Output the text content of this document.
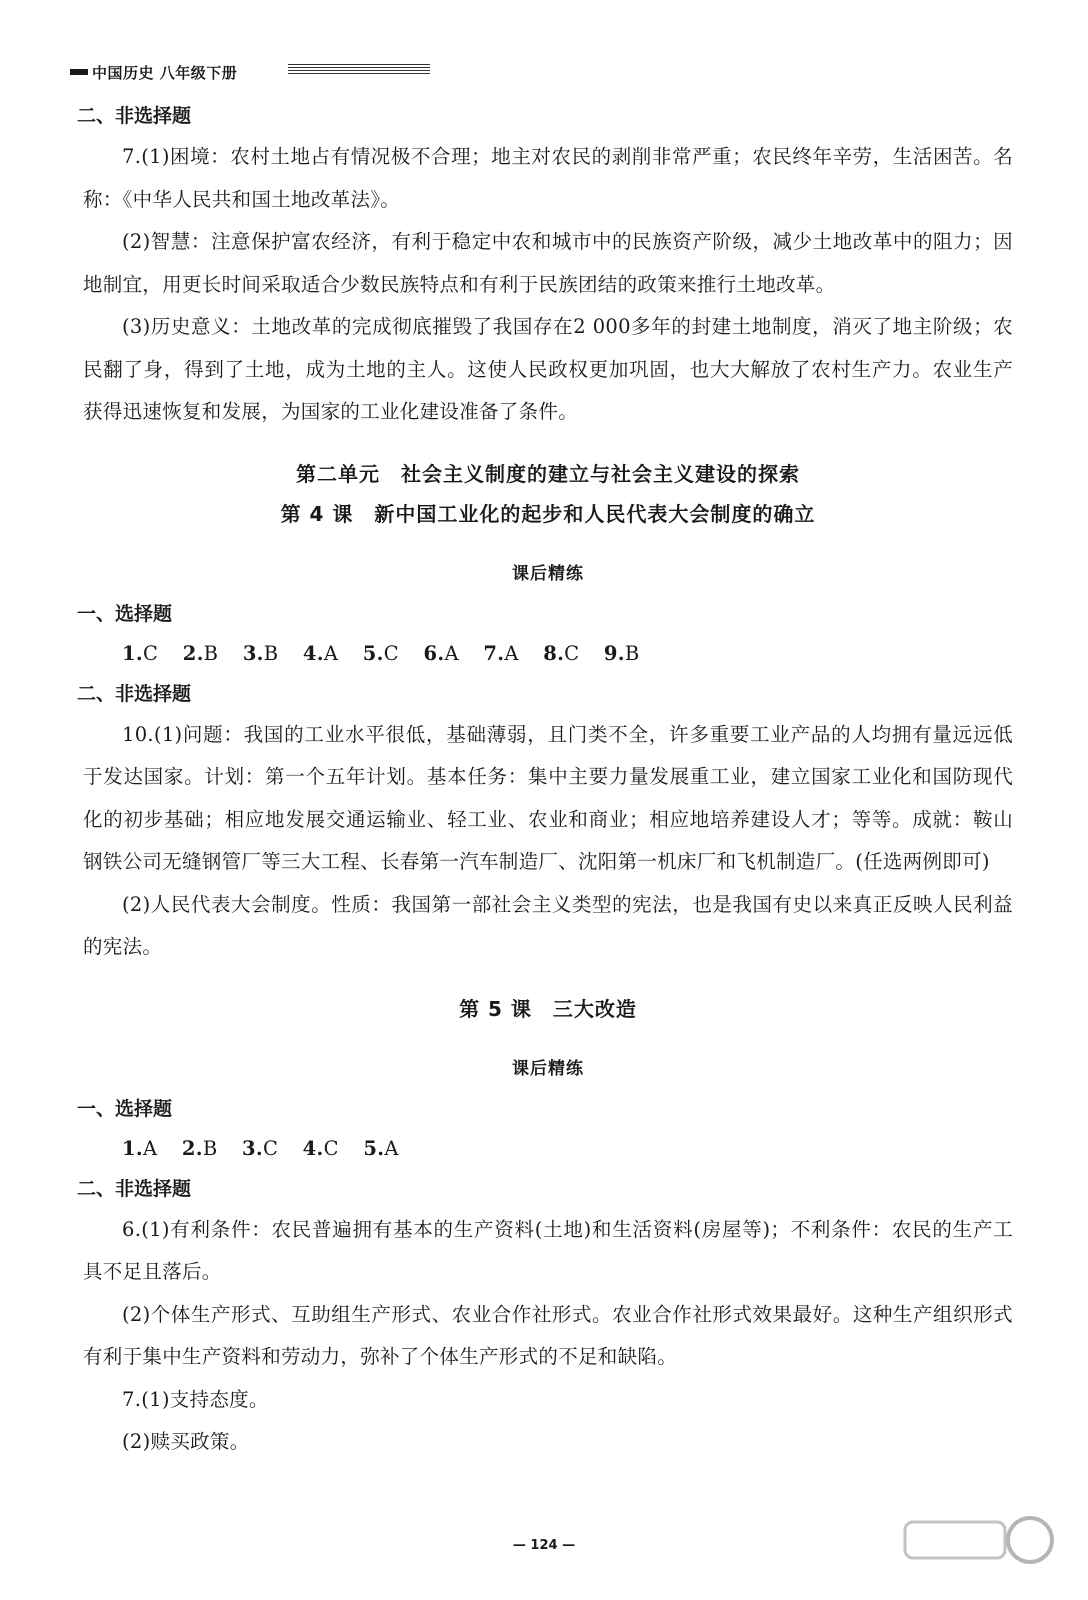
中国历史 八年级下册
二、非选择题
7.(1)困境：农村土地占有情况极不合理；地主对农民的剥削非常严重；农民终年辛劳，生活困苦。名称：《中华人民共和国土地改革法》。
(2)智慧：注意保护富农经济，有利于稳定中农和城市中的民族资产阶级，减少土地改革中的阻力；因地制宜，用更长时间采取适合少数民族特点和有利于民族团结的政策来推行土地改革。
(3)历史意义：土地改革的完成彻底摧毁了我国存在2 000多年的封建土地制度，消灭了地主阶级；农民翻了身，得到了土地，成为土地的主人。这使人民政权更加巩固，也大大解放了农村生产力。农业生产获得迅速恢复和发展，为国家的工业化建设准备了条件。
第二单元　社会主义制度的建立与社会主义建设的探索
第 4 课　新中国工业化的起步和人民代表大会制度的确立
课后精练
一、选择题
1.C 2.B 3.B 4.A 5.C 6.A 7.A 8.C 9.B
二、非选择题
10.(1)问题：我国的工业水平很低，基础薄弱，且门类不全，许多重要工业产品的人均拥有量远远低于发达国家。计划：第一个五年计划。基本任务：集中主要力量发展重工业，建立国家工业化和国防现代化的初步基础；相应地发展交通运输业、轻工业、农业和商业；相应地培养建设人才；等等。成就：鞍山钢铁公司无缝钢管厂等三大工程、长春第一汽车制造厂、沈阳第一机床厂和飞机制造厂。(任选两例即可)
(2)人民代表大会制度。性质：我国第一部社会主义类型的宪法，也是我国有史以来真正反映人民利益的宪法。
第 5 课　三大改造
课后精练
一、选择题
1.A 2.B 3.C 4.C 5.A
二、非选择题
6.(1)有利条件：农民普遍拥有基本的生产资料(土地)和生活资料(房屋等)；不利条件：农民的生产工具不足且落后。
(2)个体生产形式、互助组生产形式、农业合作社形式。农业合作社形式效果最好。这种生产组织形式有利于集中生产资料和劳动力，弥补了个体生产形式的不足和缺陷。
7.(1)支持态度。
(2)赎买政策。
— 124 —
